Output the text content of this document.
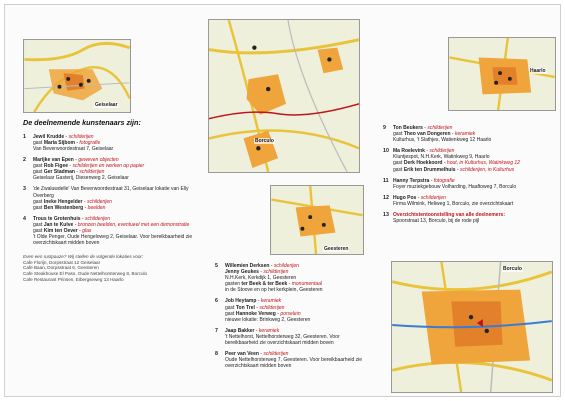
Geiselaar
Borculo
Geesteren
Haarlo
Borculo

De deelnemende kunstenaars zijn:

1 Jewil Krudde - schilderijen

gast Maria Sijbom - fotografie

Van Beverwoordestraat 7, Geiselaar

2 Marijke van Epen - geweven objecten

gast Rob Figee - schilderijen en werken op papier

gast Ger Stadman - schilderijen

Geiselaar Gasterij, Diesenweg 2, Geiselaar

3 'de Zwaluwdelle' Van Beverwoordestraat 31, Geiselaar lokatie van Elly Overberg

gast Ineke Hengelder - schilderijen

gast Ben Westenberg - beelden

4 Trous te Grotenhuis - schilderijen

gast Jan te Kulve - bronzen beelden, eventueel met een demonstratie

gast Kim ten Oever - glas

't Olde Penger, Oude Hengeloweg 2, Geiselaar. Voor bereikbaarheid zie overzichtskaart midden boven

Even een rustpauze? Wij stellen de volgende lokaties voor:

Cafe Florijn, Dorpsstraat 12 Geiselaar

Cafe Baan, Dorpsstraat 6, Geesteren

Cafe Steakhouse El Paso, Oude Nettelhorsterweg 8, Borculo

Cafe Restaurant Prinsen, Eibergseweg 13 Haarlo

5 Willemien Derksen - schilderijen

Jenny Geukes - schilderijen

N.H.Kerk, Kerkdijk 1, Geesteren

gasten ter Beek & ter Beek - monumentaal

in de Stoove en op het kerkplein, Geesteren

6 Job Heytamp - keramiek

gast Ton Trel - schilderijen

gast Hannoke Verweg - porselein

nieuwe lokatie: Brinkweg 2, Geesteren

7 Jaap Bakker - keramiek

't Nettelhorst, Nettelhorsterweg 32, Geesteren. Voor bereikbaarheid zie overzichtskaart midden boven

8 Peer van Veen - schilderijen

Oude Nettelhorsterweg 7, Geesteren. Voor bereikbaarheid zie overzichtskaart midden boven

9 Ton Beukers - schilderijen

gast Theo van Dongeren - keramiek

Kulturhus, 't Slathjes, Watienkweg 12 Haarlo

10 Ma Roelevink - schilderijen

Kluntjespot, N.H.Kerk, Watinkweg 9, Haarlo

gast Derk Hoekkoord - hout, in Kulturhus, Watinkweg 12

gast Erik ten Drummelhuis - schilderijen, in Kulturhus

11 Hanny Terpstra - fotografie

Foyer muziekgebouw Volharding, Haaftoweg 7, Borculo

12 Hugo Pos - schilderijen

Firma Wilmink, Heliweg 1, Borculo, zie overzichtskaart

13 Overzichtstentoonstelling van alle deelnemers:

Spoorstraat 13, Borculo, bij de rode pijl
